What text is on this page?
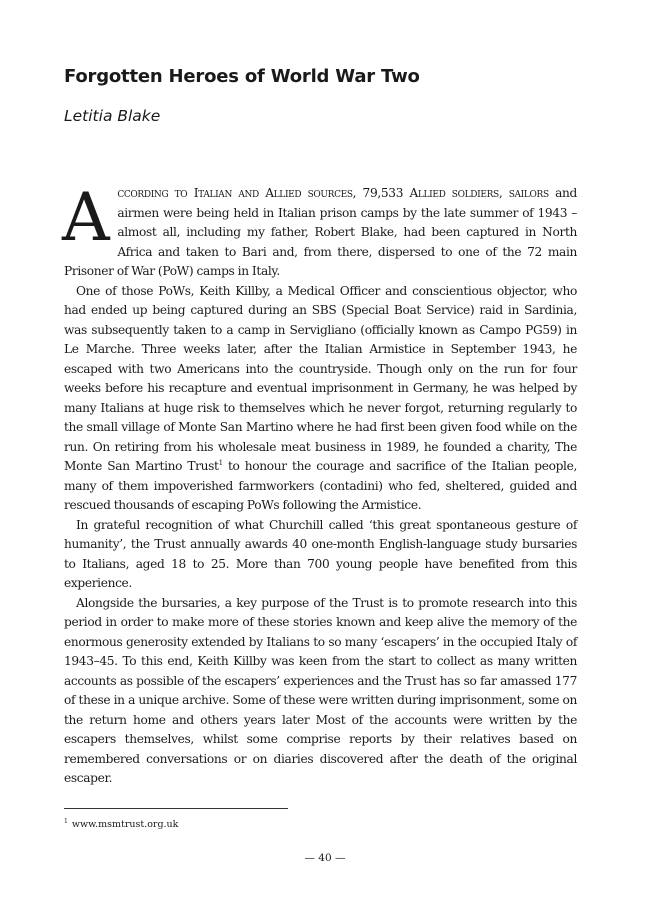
Forgotten Heroes of World War Two
Letitia Blake

According to Italian and Allied sources, 79,533 Allied soldiers, sailors and airmen were being held in Italian prison camps by the late summer of 1943 – almost all, including my father, Robert Blake, had been captured in North Africa and taken to Bari and, from there, dispersed to one of the 72 main Prisoner of War (PoW) camps in Italy.

One of those PoWs, Keith Killby, a Medical Officer and conscientious objector, who had ended up being captured during an SBS (Special Boat Service) raid in Sardinia, was subsequently taken to a camp in Servigliano (officially known as Campo PG59) in Le Marche. Three weeks later, after the Italian Armistice in September 1943, he escaped with two Americans into the countryside. Though only on the run for four weeks before his recapture and eventual imprisonment in Germany, he was helped by many Italians at huge risk to themselves which he never forgot, returning regularly to the small village of Monte San Martino where he had first been given food while on the run. On retiring from his wholesale meat business in 1989, he founded a charity, The Monte San Martino Trust$^1$ to honour the courage and sacrifice of the Italian people, many of them impoverished farmworkers (contadini) who fed, sheltered, guided and rescued thousands of escaping PoWs following the Armistice.

In grateful recognition of what Churchill called ‘this great spontaneous gesture of humanity’, the Trust annually awards 40 one-month English-language study bursaries to Italians, aged 18 to 25. More than 700 young people have benefited from this experience.

Alongside the bursaries, a key purpose of the Trust is to promote research into this period in order to make more of these stories known and keep alive the memory of the enormous generosity extended by Italians to so many ‘escapers’ in the occupied Italy of 1943–45. To this end, Keith Killby was keen from the start to collect as many written accounts as possible of the escapers’ experiences and the Trust has so far amassed 177 of these in a unique archive. Some of these were written during imprisonment, some on the return home and others years later Most of the accounts were written by the escapers themselves, whilst some comprise reports by their relatives based on remembered conversations or on diaries discovered after the death of the original escaper.

$^1$ www.msmtrust.org.uk
— 40 —
